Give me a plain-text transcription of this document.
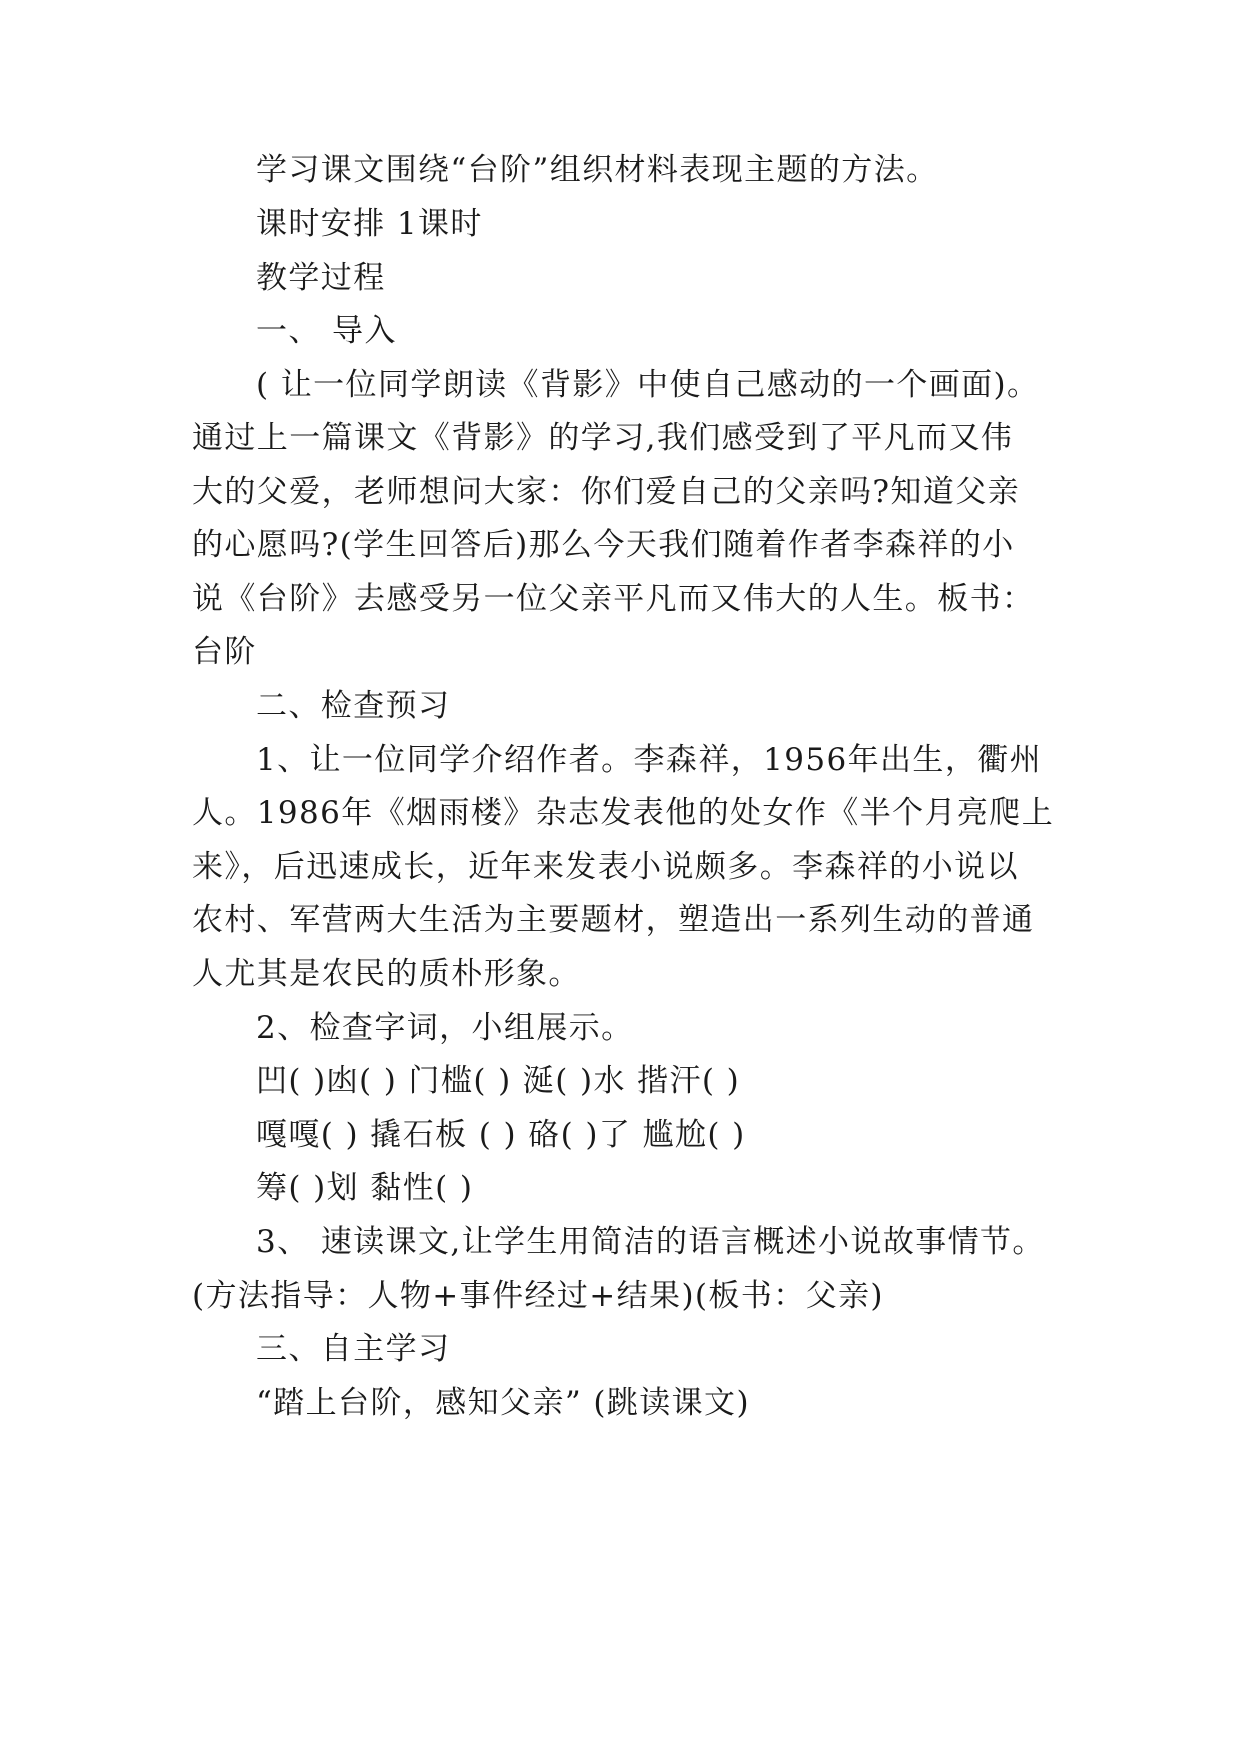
学习课文围绕“台阶”组织材料表现主题的方法。
课时安排 1课时
教学过程
一、 导入
( 让一位同学朗读《背影》中使自己感动的一个画面)。
通过上一篇课文《背影》的学习,我们感受到了平凡而又伟
大的父爱，老师想问大家：你们爱自己的父亲吗?知道父亲
的心愿吗?(学生回答后)那么今天我们随着作者李森祥的小
说《台阶》去感受另一位父亲平凡而又伟大的人生。板书：
台阶
二、检查预习
1、让一位同学介绍作者。李森祥，1956年出生，衢州
人。1986年《烟雨楼》杂志发表他的处女作《半个月亮爬上
来》，后迅速成长，近年来发表小说颇多。李森祥的小说以
农村、军营两大生活为主要题材，塑造出一系列生动的普通
人尤其是农民的质朴形象。
2、检查字词，小组展示。
凹( )凼( ) 门槛( ) 涎( )水 揩汗( )
嘎嘎( ) 撬石板 ( ) 硌( )了 尴尬( )
筹( )划 黏性( )
3、 速读课文,让学生用简洁的语言概述小说故事情节。
(方法指导：人物+事件经过+结果)(板书：父亲)
三、自主学习
“踏上台阶，感知父亲” (跳读课文)
